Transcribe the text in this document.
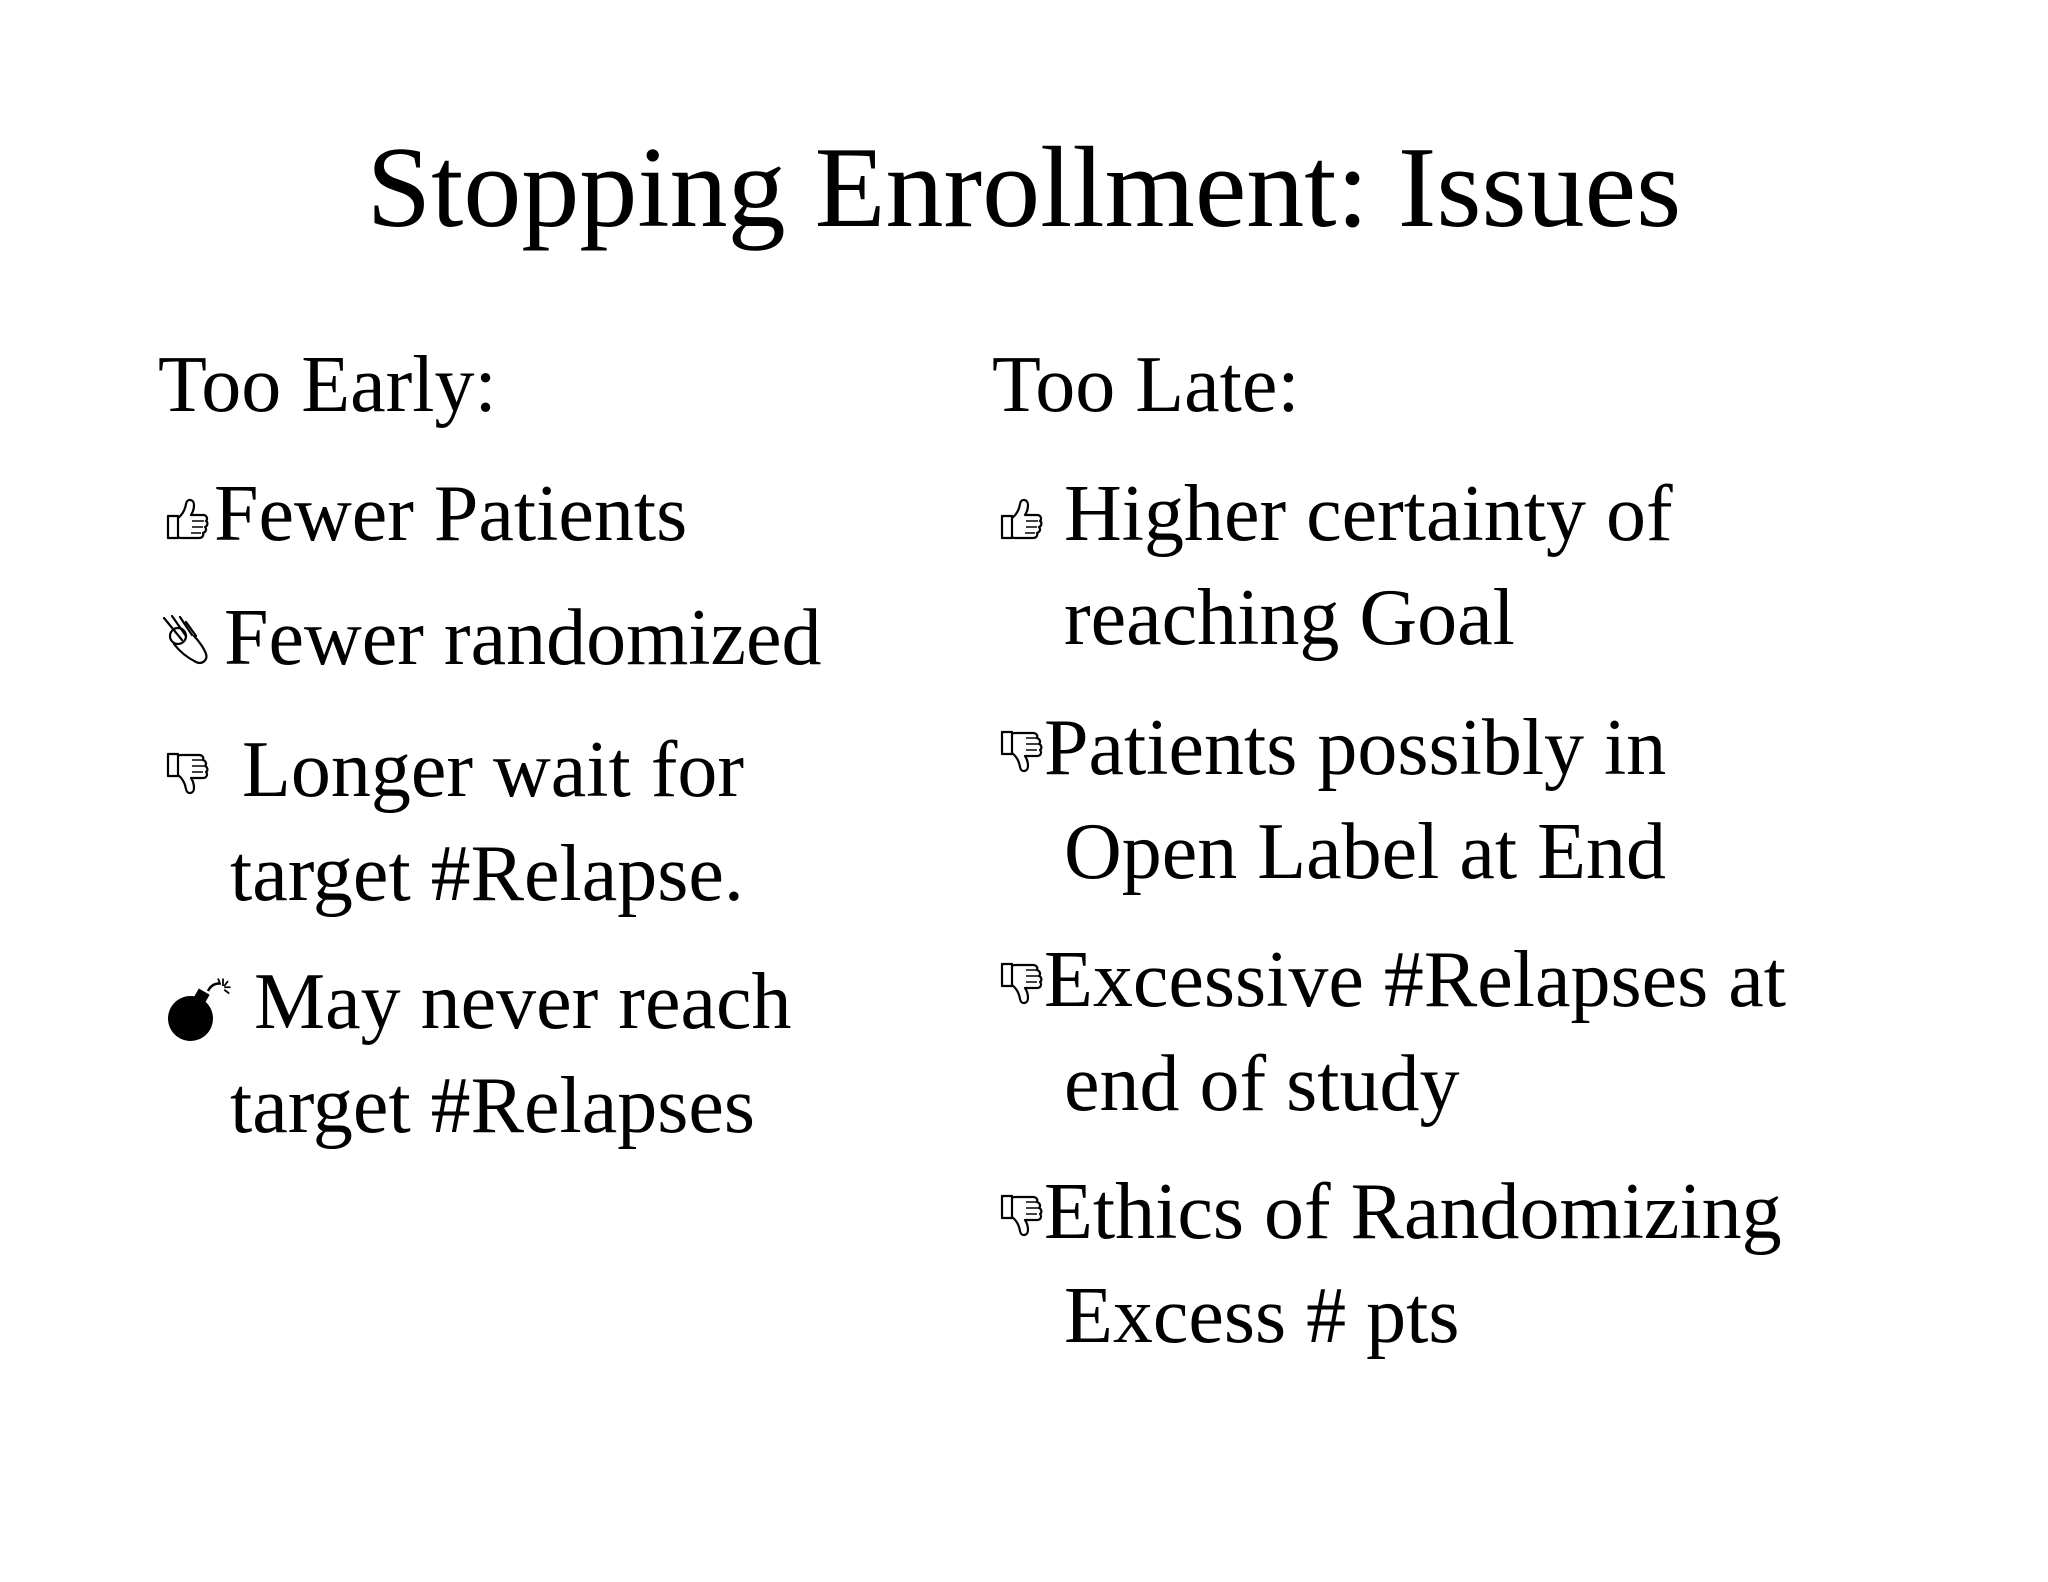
Stopping Enrollment: Issues
Too Early:
Fewer Patients
Fewer randomized
Longer wait for
target #Relapse.
May never reach
target #Relapses
Too Late:
Higher certainty of
reaching Goal
Patients possibly in
Open Label at End
Excessive #Relapses at
end of study
Ethics of Randomizing
Excess # pts
